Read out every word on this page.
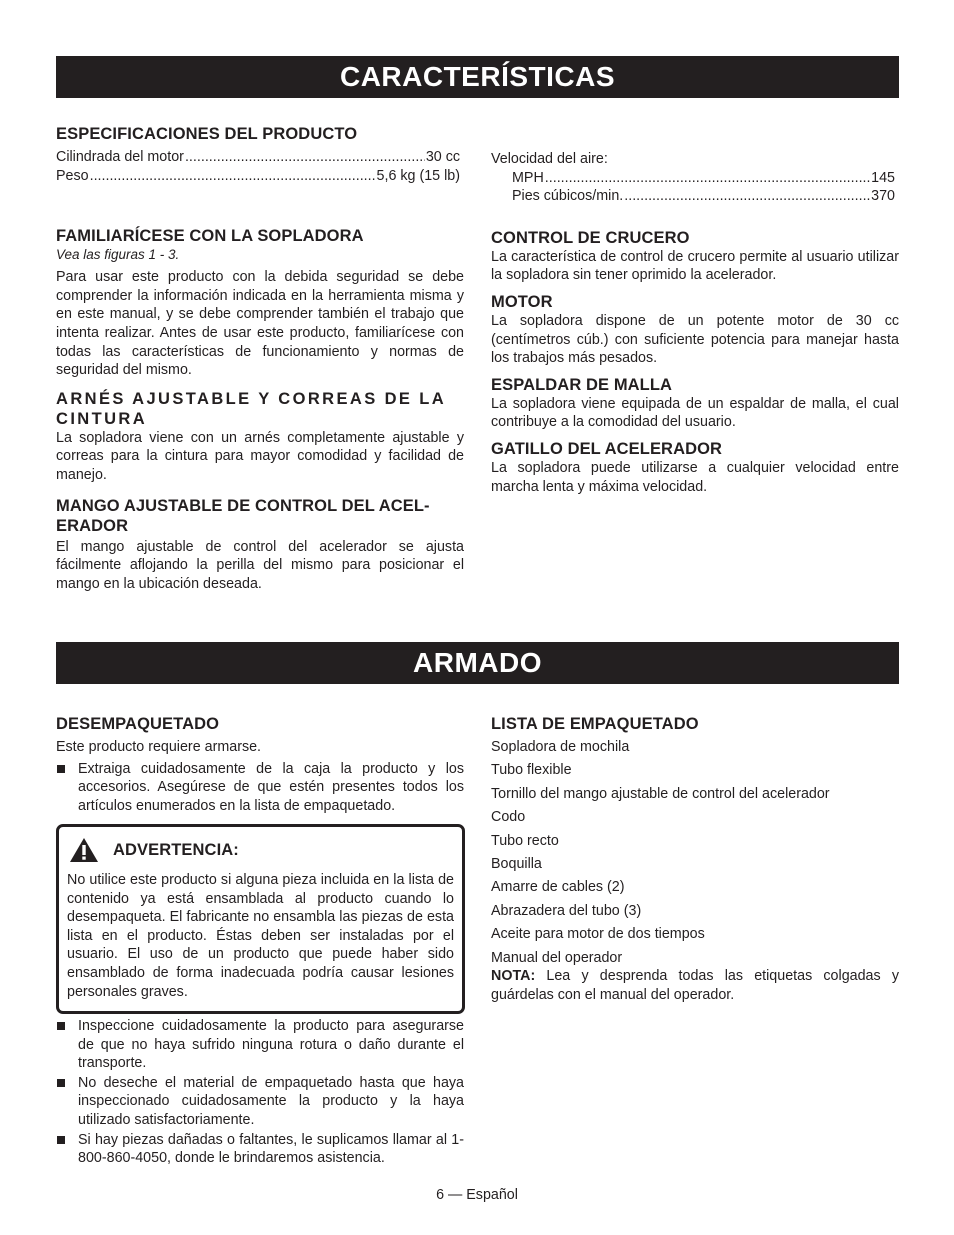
CARACTERÍSTICAS
ESPECIFICACIONES DEL PRODUCTO
Cilindrada del motor .....	30 cc
Peso .....	5,6 kg (15 lb)
FAMILIARÍCESE CON LA SOPLADORA
Vea las figuras 1 - 3.

Para usar este producto con la debida seguridad se debe comprender la información indicada en la herramienta misma y en este manual, y se debe comprender también el trabajo que intenta realizar. Antes de usar este producto, familiarícese con todas las características de funcionamiento y normas de seguridad del mismo.

ARNÉS AJUSTABLE Y CORREAS DE LA CINTURA

La sopladora viene con un arnés completamente ajustable y correas para la cintura para mayor comodidad y facilidad de manejo.

MANGO AJUSTABLE DE CONTROL DEL ACEL-ERADOR

El mango ajustable de control del acelerador se ajusta fácilmente aflojando la perilla del mismo para posicionar el mango en la ubicación deseada.

Velocidad del aire:
MPH .....	145
Pies cúbicos/min. .....	370
CONTROL DE CRUCERO

La característica de control de crucero permite al usuario utilizar la sopladora sin tener oprimido la acelerador.

MOTOR

La sopladora dispone de un potente motor de 30 cc (centímetros cúb.) con suficiente potencia para manejar hasta los trabajos más pesados.

ESPALDAR DE MALLA

La sopladora viene equipada de un espaldar de malla, el cual contribuye a la comodidad del usuario.

GATILLO DEL ACELERADOR

La sopladora puede utilizarse a cualquier velocidad entre marcha lenta y máxima velocidad.

ARMADO
DESEMPAQUETADO
Este producto requiere armarse.
Extraiga cuidadosamente de la caja la producto y los accesorios. Asegúrese de que estén presentes todos los artículos enumerados en la lista de empaquetado.
ADVERTENCIA:
No utilice este producto si alguna pieza incluida en la lista de contenido ya está ensamblada al producto cuando lo desempaqueta. El fabricante no ensambla las piezas de esta lista en el producto. Éstas deben ser instaladas por el usuario. El uso de un producto que puede haber sido ensamblado de forma inadecuada podría causar lesiones personales graves.
Inspeccione cuidadosamente la producto para asegurarse de que no haya sufrido ninguna rotura o daño durante el transporte.
No deseche el material de empaquetado hasta que haya inspeccionado cuidadosamente la producto y la haya utilizado satisfactoriamente.
Si hay piezas dañadas o faltantes, le suplicamos llamar al 1-800-860-4050, donde le brindaremos asistencia.
LISTA DE EMPAQUETADO
Sopladora de mochila
Tubo flexible
Tornillo del mango ajustable de control del acelerador
Codo
Tubo recto
Boquilla
Amarre de cables (2)
Abrazadera del tubo (3)
Aceite para motor de dos tiempos
Manual del operador

NOTA: Lea y desprenda todas las etiquetas colgadas y guárdelas con el manual del operador.

6 — Español
